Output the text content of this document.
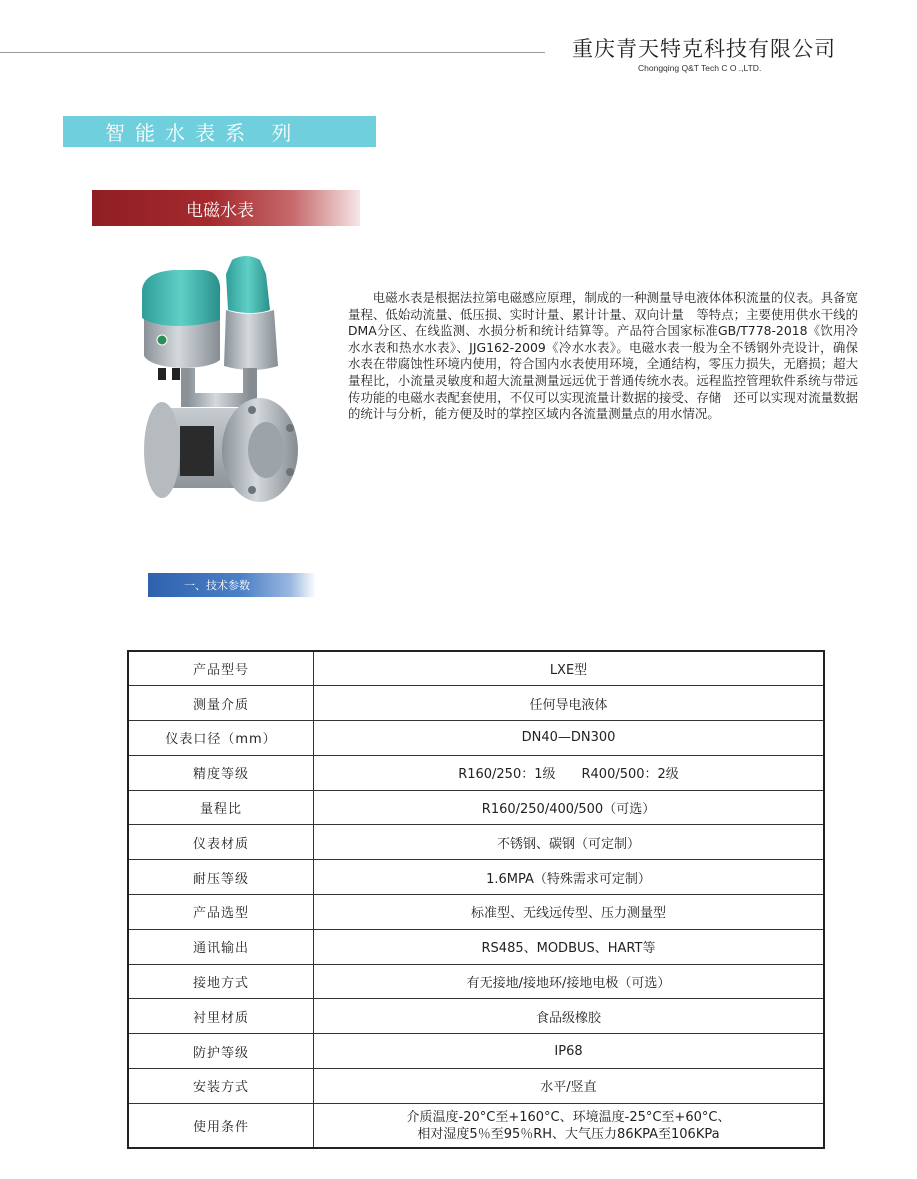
重庆青天特克科技有限公司
Chongqing Q&T Tech C O .,LTD.
智能水表系 列
电磁水表

电磁水表是根据法拉第电磁感应原理，制成的一种测量导电液体体积流量的仪表。具备宽量程、低始动流量、低压损、实时计量、累计计量、双向计量　等特点；主要使用供水干线的DMA分区、在线监测、水损分析和统计结算等。产品符合国家标准GB/T778-2018《饮用冷水水表和热水水表》、JJG162-2009《冷水水表》。电磁水表一般为全不锈钢外壳设计，确保水表在带腐蚀性环境内使用，符合国内水表使用环境，全通结构，零压力损失，无磨损；超大量程比，小流量灵敏度和超大流量测量远远优于普通传统水表。远程监控管理软件系统与带远传功能的电磁水表配套使用，不仅可以实现流量计数据的接受、存储　还可以实现对流量数据的统计与分析，能方便及时的掌控区域内各流量测量点的用水情况。

一、技术参数
产品型号	LXE型
测量介质	任何导电液体
仪表口径（mm）	DN40—DN300
精度等级	R160/250：1级　　R400/500：2级
量程比	R160/250/400/500（可选）
仪表材质	不锈钢、碳钢（可定制）
耐压等级	1.6MPA（特殊需求可定制）
产品选型	标准型、无线远传型、压力测量型
通讯输出	RS485、MODBUS、HART等
接地方式	有无接地/接地环/接地电极（可选）
衬里材质	食品级橡胶
防护等级	IP68
安装方式	水平/竖直
使用条件	介质温度-20°C至+160°C、环境温度-25°C至+60°C、
相对湿度5％至95％RH、大气压力86KPA至106KPa
